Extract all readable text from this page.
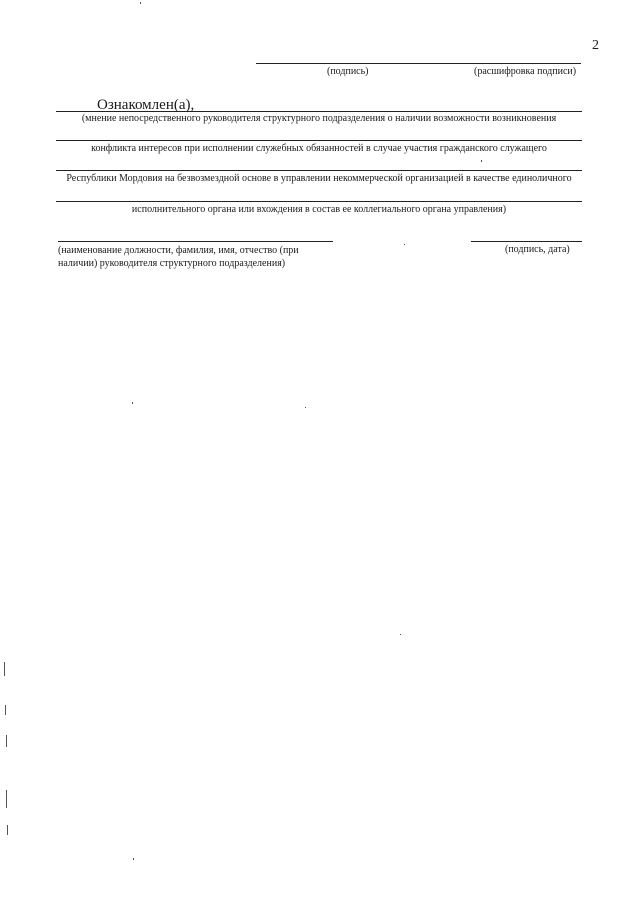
2
(подпись)	(расшифровка подписи)
Ознакомлен(а),
(мнение непосредственного руководителя структурного подразделения о наличии возможности возникновения
конфликта интересов при исполнении служебных обязанностей в случае участия гражданского служащего
Республики Мордовия на безвозмездной основе в управлении некоммерческой организацией в качестве единоличного
исполнительного органа или вхождения в состав ее коллегиального органа управления)
(наименование должности, фамилия, имя, отчество (при
наличии) руководителя структурного подразделения)
(подпись, дата)
